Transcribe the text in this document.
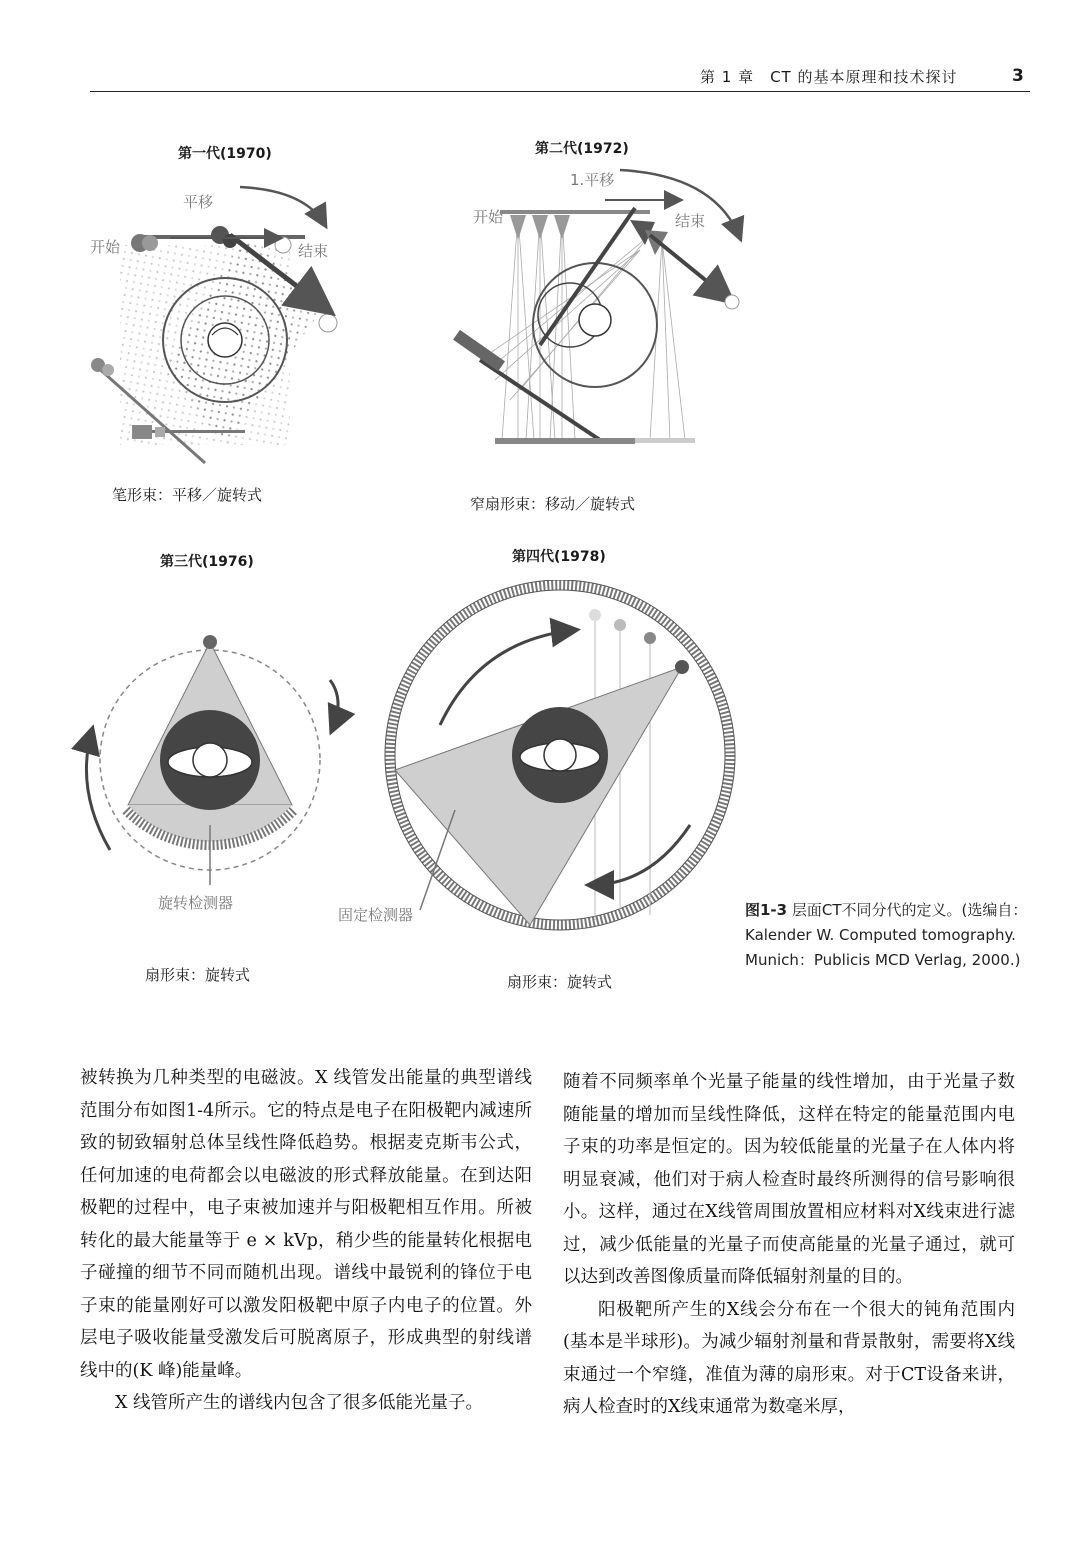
第 1 章　CT 的基本原理和技术探讨	3
第一代(1970)	第二代(1972)
第三代(1976)	第四代(1978)
平移
开始	结束
1.平移
开始	结束
笔形束：平移／旋转式	窄扇形束：移动／旋转式
旋转检测器
固定检测器
扇形束：旋转式	扇形束：旋转式
图1-3 层面CT不同分代的定义。(选编自：Kalender W. Computed tomography. Munich：Publicis MCD Verlag, 2000.)

被转换为几种类型的电磁波。X 线管发出能量的典型谱线范围分布如图1-4所示。它的特点是电子在阳极靶内减速所致的韧致辐射总体呈线性降低趋势。根据麦克斯韦公式，任何加速的电荷都会以电磁波的形式释放能量。在到达阳极靶的过程中，电子束被加速并与阳极靶相互作用。所被转化的最大能量等于 e × kVp，稍少些的能量转化根据电子碰撞的细节不同而随机出现。谱线中最锐利的锋位于电子束的能量刚好可以激发阳极靶中原子内电子的位置。外层电子吸收能量受激发后可脱离原子，形成典型的射线谱线中的(K 峰)能量峰。

X 线管所产生的谱线内包含了很多低能光量子。

随着不同频率单个光量子能量的线性增加，由于光量子数随能量的增加而呈线性降低，这样在特定的能量范围内电子束的功率是恒定的。因为较低能量的光量子在人体内将明显衰减，他们对于病人检查时最终所测得的信号影响很小。这样，通过在X线管周围放置相应材料对X线束进行滤过，减少低能量的光量子而使高能量的光量子通过，就可以达到改善图像质量而降低辐射剂量的目的。

阳极靶所产生的X线会分布在一个很大的钝角范围内(基本是半球形)。为减少辐射剂量和背景散射，需要将X线束通过一个窄缝，准值为薄的扇形束。对于CT设备来讲，病人检查时的X线束通常为数毫米厚，
